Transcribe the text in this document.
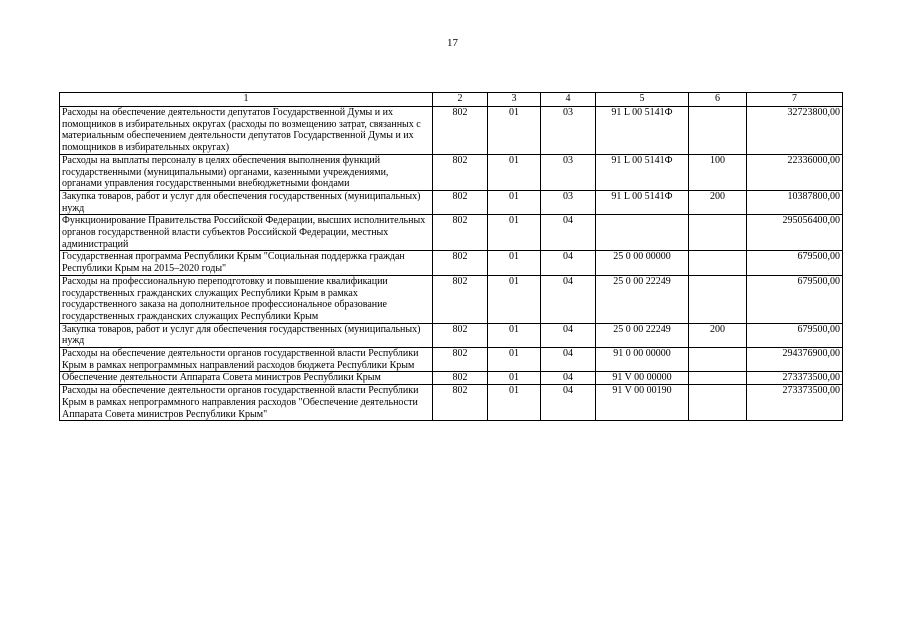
17
1	2	3	4	5	6	7
Расходы на обеспечение деятельности депутатов Государственной Думы и их помощников в избирательных округах (расходы по возмещению затрат, связанных с материальным обеспечением деятельности депутатов Государственной Думы и их помощников в избирательных округах)	802	01	03	91 L 00 5141Ф		32723800,00
Расходы на выплаты персоналу в целях обеспечения выполнения функций государственными (муниципальными) органами, казенными учреждениями, органами управления государственными внебюджетными фондами	802	01	03	91 L 00 5141Ф	100	22336000,00
Закупка товаров, работ и услуг для обеспечения государственных (муниципальных) нужд	802	01	03	91 L 00 5141Ф	200	10387800,00
Функционирование Правительства Российской Федерации, высших исполнительных органов государственной власти субъектов Российской Федерации, местных администраций	802	01	04			295056400,00
Государственная программа Республики Крым "Социальная поддержка граждан Республики Крым на 2015–2020 годы"	802	01	04	25 0 00 00000		679500,00
Расходы на профессиональную переподготовку и повышение квалификации государственных гражданских служащих Республики Крым в рамках государственного заказа на дополнительное профессиональное образование государственных гражданских служащих Республики Крым	802	01	04	25 0 00 22249		679500,00
Закупка товаров, работ и услуг для обеспечения государственных (муниципальных) нужд	802	01	04	25 0 00 22249	200	679500,00
Расходы на обеспечение деятельности органов государственной власти Республики Крым в рамках непрограммных направлений расходов бюджета Республики Крым	802	01	04	91 0 00 00000		294376900,00
Обеспечение деятельности Аппарата Совета министров Республики Крым	802	01	04	91 V 00 00000		273373500,00
Расходы на обеспечение деятельности органов государственной власти Республики Крым в рамках непрограммного направления расходов "Обеспечение деятельности Аппарата Совета министров Республики Крым"	802	01	04	91 V 00 00190		273373500,00
